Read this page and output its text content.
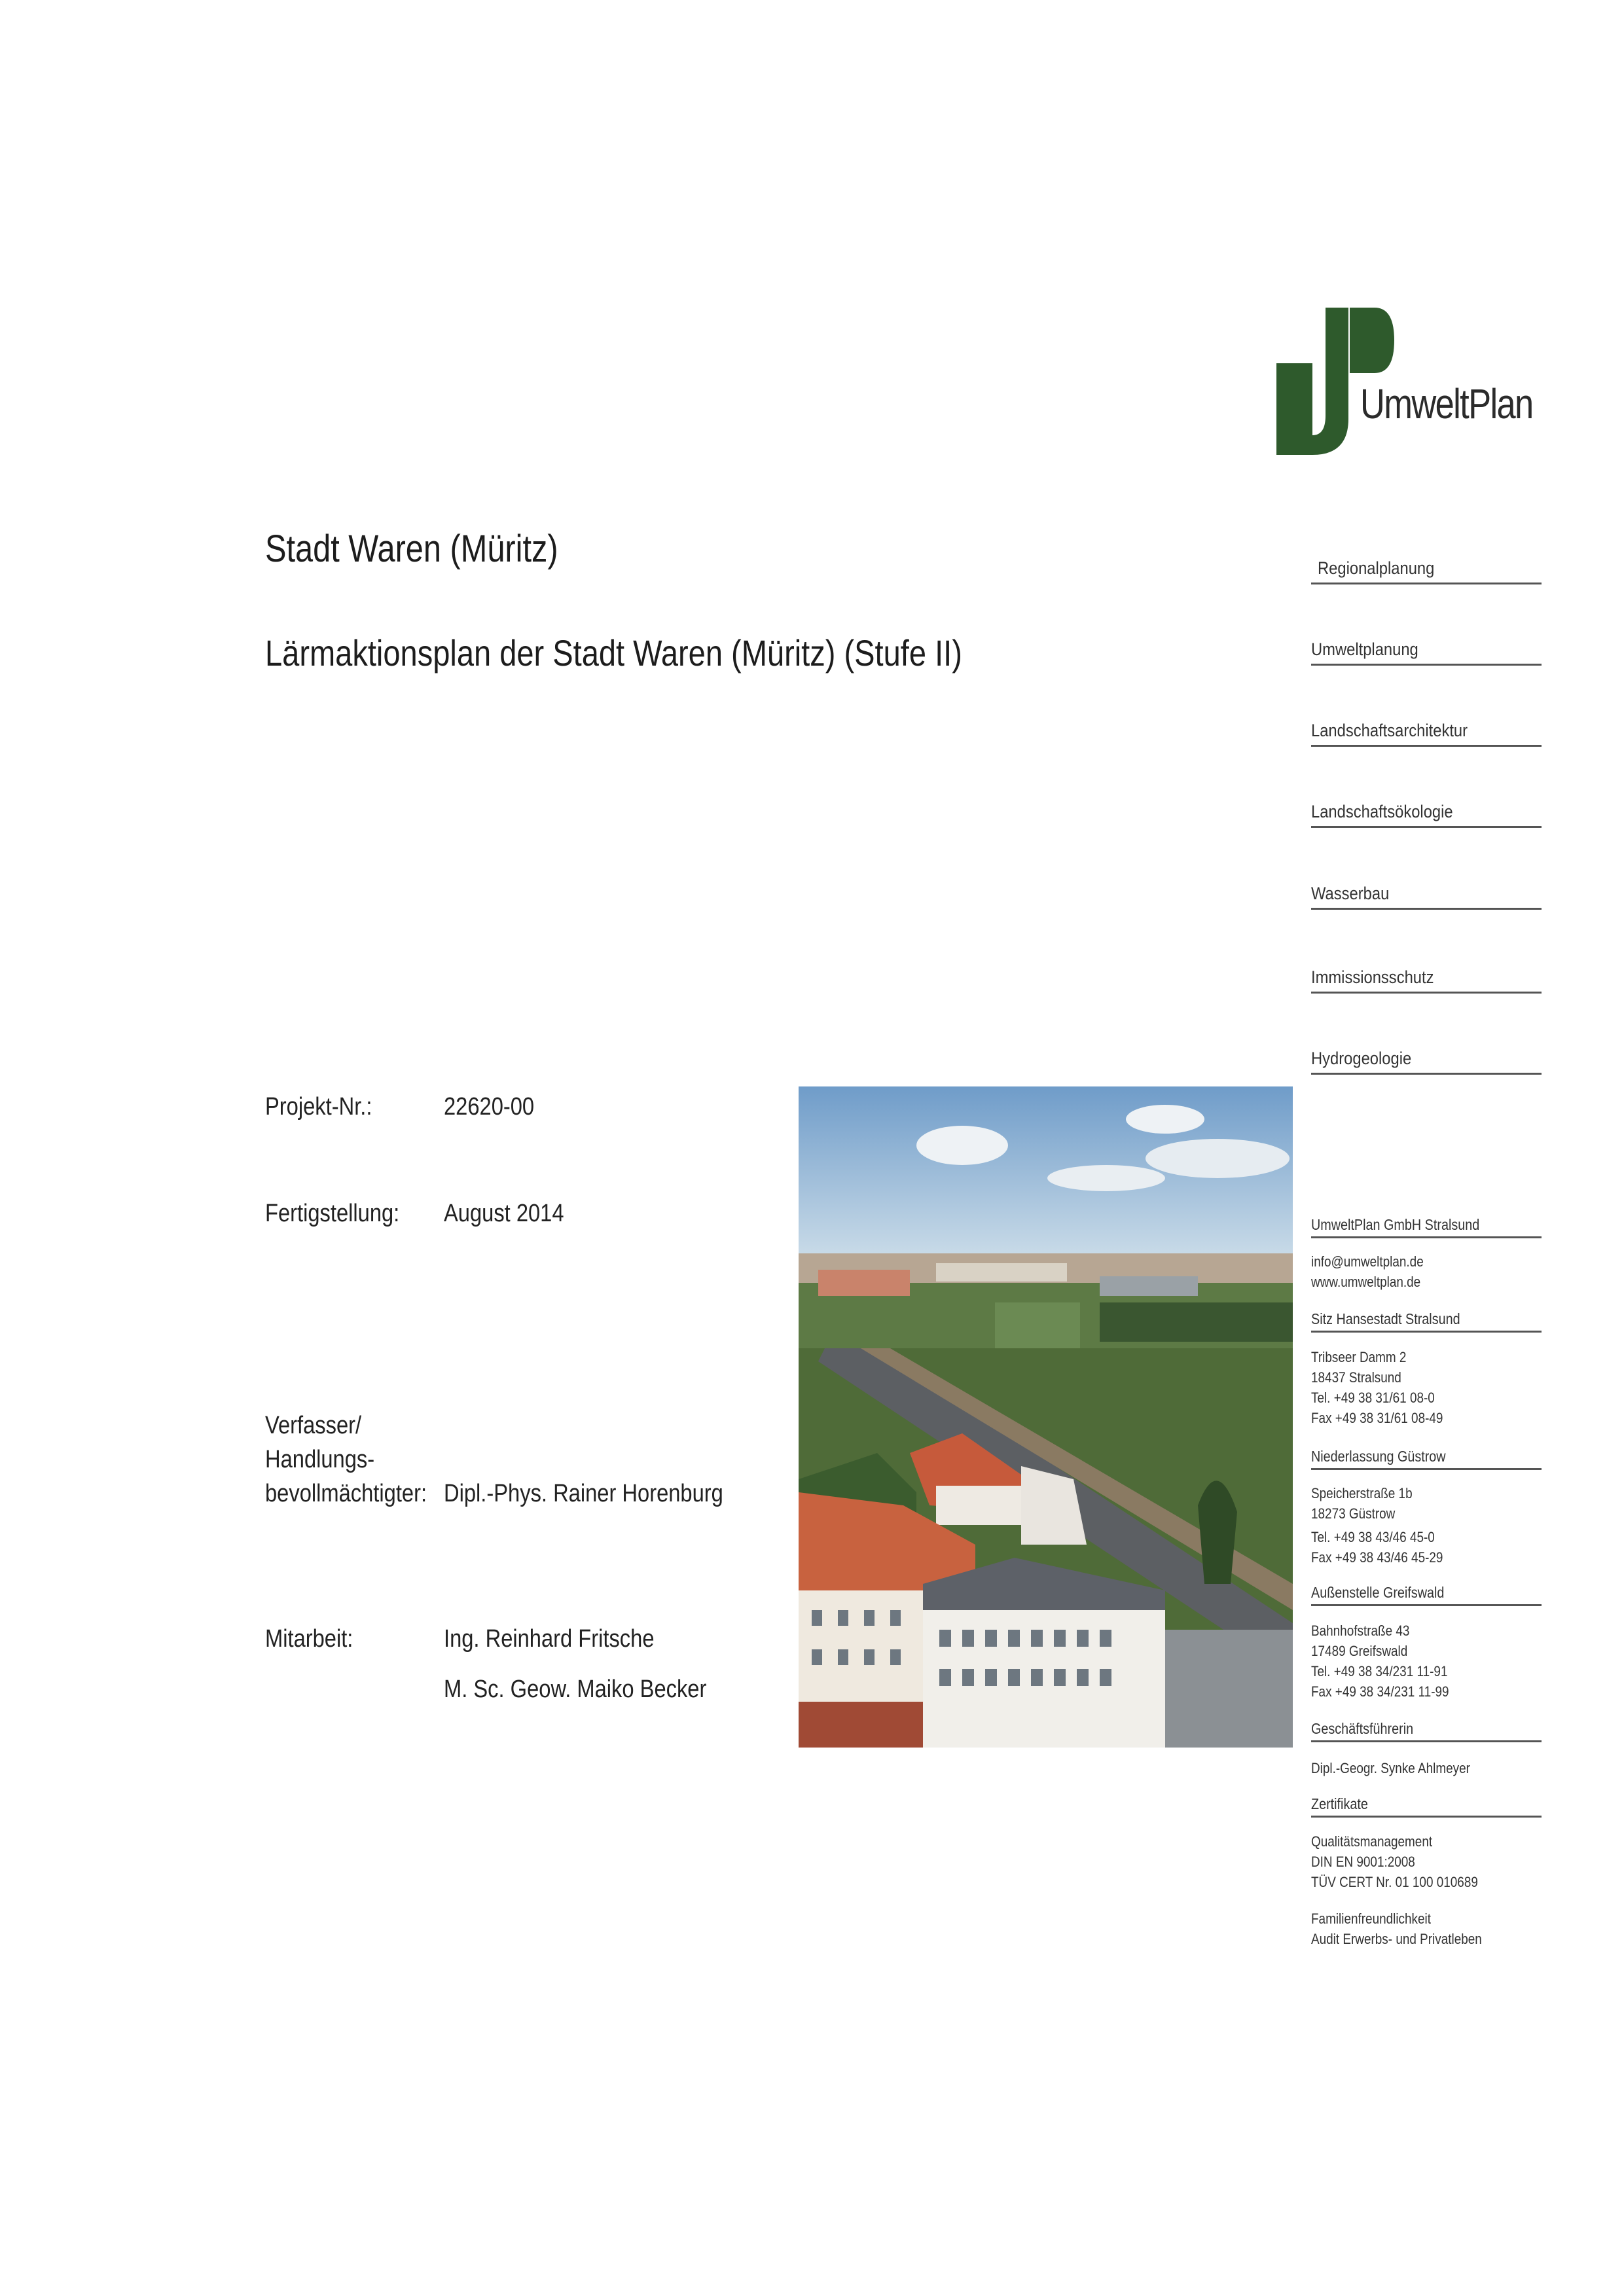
UmweltPlan
Stadt Waren (Müritz)
Lärmaktionsplan der Stadt Waren (Müritz) (Stufe II)
Regionalplanung
Umweltplanung
Landschaftsarchitektur
Landschaftsökologie
Wasserbau
Immissionsschutz
Hydrogeologie
Projekt-Nr.:	22620-00
Fertigstellung: August 2014
Verfasser/
Handlungs-
bevollmächtigter: Dipl.-Phys. Rainer Horenburg
Mitarbeit:	Ing. Reinhard Fritsche
M. Sc. Geow. Maiko Becker
UmweltPlan GmbH Stralsund
info@umweltplan.de
www.umweltplan.de
Sitz Hansestadt Stralsund
Tribseer Damm 2
18437 Stralsund
Tel. +49 38 31/61 08-0
Fax +49 38 31/61 08-49
Niederlassung Güstrow
Speicherstraße 1b
18273 Güstrow
Tel. +49 38 43/46 45-0
Fax +49 38 43/46 45-29
Außenstelle Greifswald
Bahnhofstraße 43
17489 Greifswald
Tel. +49 38 34/231 11-91
Fax +49 38 34/231 11-99
Geschäftsführerin
Dipl.-Geogr. Synke Ahlmeyer
Zertifikate
Qualitätsmanagement
DIN EN 9001:2008
TÜV CERT Nr. 01 100 010689
Familienfreundlichkeit
Audit Erwerbs- und Privatleben
